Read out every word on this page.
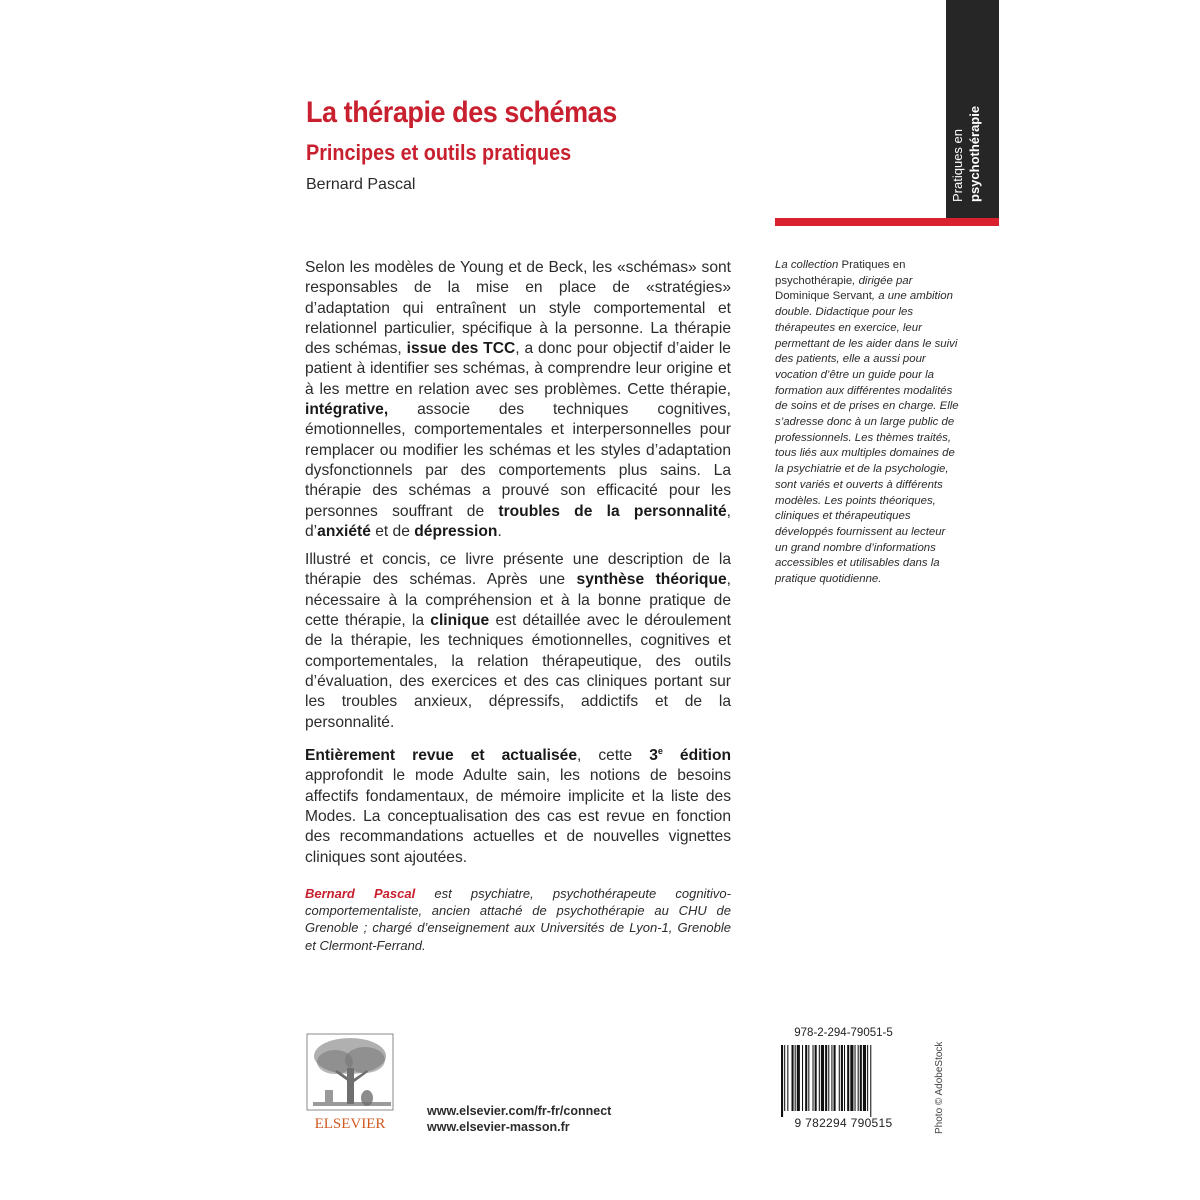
La thérapie des schémas
Principes et outils pratiques
Bernard Pascal	Pratiques en psychothérapie

Selon les modèles de Young et de Beck, les «schémas» sont responsables de la mise en place de «stratégies» d’adaptation qui entraînent un style comportemental et relationnel particulier, spécifique à la personne. La thérapie des schémas, issue des TCC, a donc pour objectif d’aider le patient à identifier ses schémas, à comprendre leur origine et à les mettre en relation avec ses problèmes. Cette thérapie, intégrative, associe des techniques cognitives, émotionnelles, comportementales et interpersonnelles pour remplacer ou modifier les schémas et les styles d’adaptation dysfonctionnels par des comportements plus sains. La thérapie des schémas a prouvé son efficacité pour les personnes souffrant de troubles de la personnalité, d’anxiété et de dépression.

Illustré et concis, ce livre présente une description de la thérapie des schémas. Après une synthèse théorique, nécessaire à la compréhension et à la bonne pratique de cette thérapie, la clinique est détaillée avec le déroulement de la thérapie, les techniques émotionnelles, cognitives et comportementales, la relation thérapeutique, des outils d’évaluation, des exercices et des cas cliniques portant sur les troubles anxieux, dépressifs, addictifs et de la personnalité.

Entièrement revue et actualisée, cette 3e édition approfondit le mode Adulte sain, les notions de besoins affectifs fondamentaux, de mémoire implicite et la liste des Modes. La conceptualisation des cas est revue en fonction des recommandations actuelles et de nouvelles vignettes cliniques sont ajoutées.

Bernard Pascal est psychiatre, psychothérapeute cognitivo-comportementaliste, ancien attaché de psychothérapie au CHU de Grenoble ; chargé d’enseignement aux Universités de Lyon-1, Grenoble et Clermont-Ferrand.
La collection Pratiques en psychothérapie, dirigée par Dominique Servant, a une ambition double. Didactique pour les thérapeutes en exercice, leur permettant de les aider dans le suivi des patients, elle a aussi pour vocation d’être un guide pour la formation aux différentes modalités de soins et de prises en charge. Elle s’adresse donc à un large public de professionnels. Les thèmes traités, tous liés aux multiples domaines de la psychiatrie et de la psychologie, sont variés et ouverts à différents modèles. Les points théoriques, cliniques et thérapeutiques développés fournissent au lecteur un grand nombre d’informations accessibles et utilisables dans la pratique quotidienne.
ELSEVIER
www.elsevier.com/fr-fr/connect
www.elsevier-masson.fr
978-2-294-79051-5
9 782294 790515	Photo © AdobeStock
